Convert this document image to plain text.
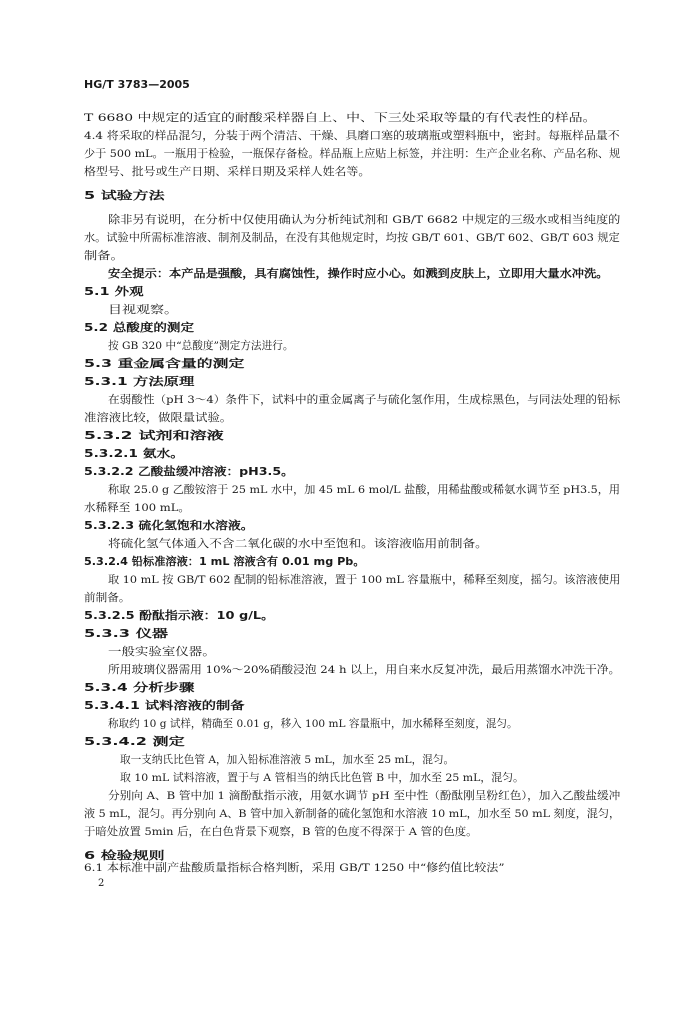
HG/T 3783—2005
T 6680 中规定的适宜的耐酸采样器自上、中、下三处采取等量的有代表性的样品。
4.4 将采取的样品混匀，分装于两个清洁、干燥、具磨口塞的玻璃瓶或塑料瓶中，密封。每瓶样品量不
少于 500 mL。一瓶用于检验，一瓶保存备检。样品瓶上应贴上标签，并注明：生产企业名称、产品名称、规
格型号、批号或生产日期、采样日期及采样人姓名等。
5 试验方法
除非另有说明，在分析中仅使用确认为分析纯试剂和 GB/T 6682 中规定的三级水或相当纯度的
水。试验中所需标准溶液、制剂及制品，在没有其他规定时，均按 GB/T 601、GB/T 602、GB/T 603 规定
制备。
安全提示：本产品是强酸，具有腐蚀性，操作时应小心。如溅到皮肤上，立即用大量水冲洗。
5.1 外观
目视观察。
5.2 总酸度的测定
按 GB 320 中“总酸度”测定方法进行。
5.3 重金属含量的测定
5.3.1 方法原理
在弱酸性（pH 3～4）条件下，试料中的重金属离子与硫化氢作用，生成棕黑色，与同法处理的铅标
准溶液比较，做限量试验。
5.3.2 试剂和溶液
5.3.2.1 氨水。
5.3.2.2 乙酸盐缓冲溶液：pH3.5。
称取 25.0 g 乙酸铵溶于 25 mL 水中，加 45 mL 6 mol/L 盐酸，用稀盐酸或稀氨水调节至 pH3.5，用
水稀释至 100 mL。
5.3.2.3 硫化氢饱和水溶液。
将硫化氢气体通入不含二氧化碳的水中至饱和。该溶液临用前制备。
5.3.2.4 铅标准溶液：1 mL 溶液含有 0.01 mg Pb。
取 10 mL 按 GB/T 602 配制的铅标准溶液，置于 100 mL 容量瓶中，稀释至刻度，摇匀。该溶液使用
前制备。
5.3.2.5 酚酞指示液：10 g/L。
5.3.3 仪器
一般实验室仪器。
所用玻璃仪器需用 10%～20%硝酸浸泡 24 h 以上，用自来水反复冲洗，最后用蒸馏水冲洗干净。
5.3.4 分析步骤
5.3.4.1 试料溶液的制备
称取约 10 g 试样，精确至 0.01 g，移入 100 mL 容量瓶中，加水稀释至刻度，混匀。
5.3.4.2 测定
取一支纳氏比色管 A，加入铅标准溶液 5 mL，加水至 25 mL，混匀。
取 10 mL 试料溶液，置于与 A 管相当的纳氏比色管 B 中，加水至 25 mL，混匀。
分别向 A、B 管中加 1 滴酚酞指示液，用氨水调节 pH 至中性（酚酞刚呈粉红色），加入乙酸盐缓冲
液 5 mL，混匀。再分别向 A、B 管中加入新制备的硫化氢饱和水溶液 10 mL，加水至 50 mL 刻度，混匀，
于暗处放置 5min 后，在白色背景下观察，B 管的色度不得深于 A 管的色度。
6 检验规则
6.1 本标准中副产盐酸质量指标合格判断，采用 GB/T 1250 中“修约值比较法”
2
